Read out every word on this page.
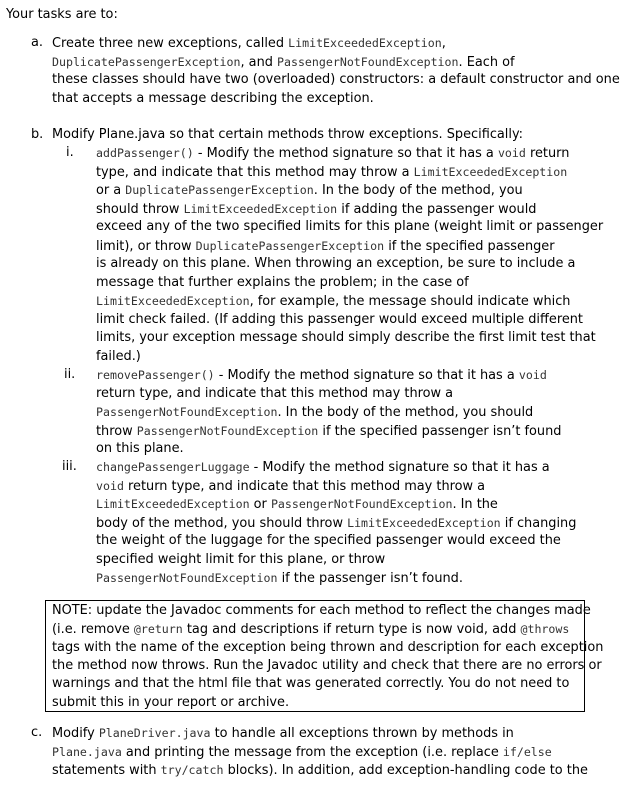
Your tasks are to:
a. Create three new exceptions, called LimitExceededException,
DuplicatePassengerException, and PassengerNotFoundException. Each of
these classes should have two (overloaded) constructors: a default constructor and one
that accepts a message describing the exception.
b. Modify Plane.java so that certain methods throw exceptions. Specifically:
i. addPassenger() - Modify the method signature so that it has a void return
type, and indicate that this method may throw a LimitExceededException
or a DuplicatePassengerException. In the body of the method, you
should throw LimitExceededException if adding the passenger would
exceed any of the two specified limits for this plane (weight limit or passenger
limit), or throw DuplicatePassengerException if the specified passenger
is already on this plane. When throwing an exception, be sure to include a
message that further explains the problem; in the case of
LimitExceededException, for example, the message should indicate which
limit check failed. (If adding this passenger would exceed multiple different
limits, your exception message should simply describe the first limit test that
failed.)
ii. removePassenger() - Modify the method signature so that it has a void
return type, and indicate that this method may throw a
PassengerNotFoundException. In the body of the method, you should
throw PassengerNotFoundException if the specified passenger isn’t found
on this plane.
iii. changePassengerLuggage - Modify the method signature so that it has a
void return type, and indicate that this method may throw a
LimitExceededException or PassengerNotFoundException. In the
body of the method, you should throw LimitExceededException if changing
the weight of the luggage for the specified passenger would exceed the
specified weight limit for this plane, or throw
PassengerNotFoundException if the passenger isn’t found.
NOTE: update the Javadoc comments for each method to reflect the changes made
(i.e. remove @return tag and descriptions if return type is now void, add @throws
tags with the name of the exception being thrown and description for each exception
the method now throws. Run the Javadoc utility and check that there are no errors or
warnings and that the html file that was generated correctly. You do not need to
submit this in your report or archive.
c. Modify PlaneDriver.java to handle all exceptions thrown by methods in
Plane.java and printing the message from the exception (i.e. replace if/else
statements with try/catch blocks). In addition, add exception-handling code to the
